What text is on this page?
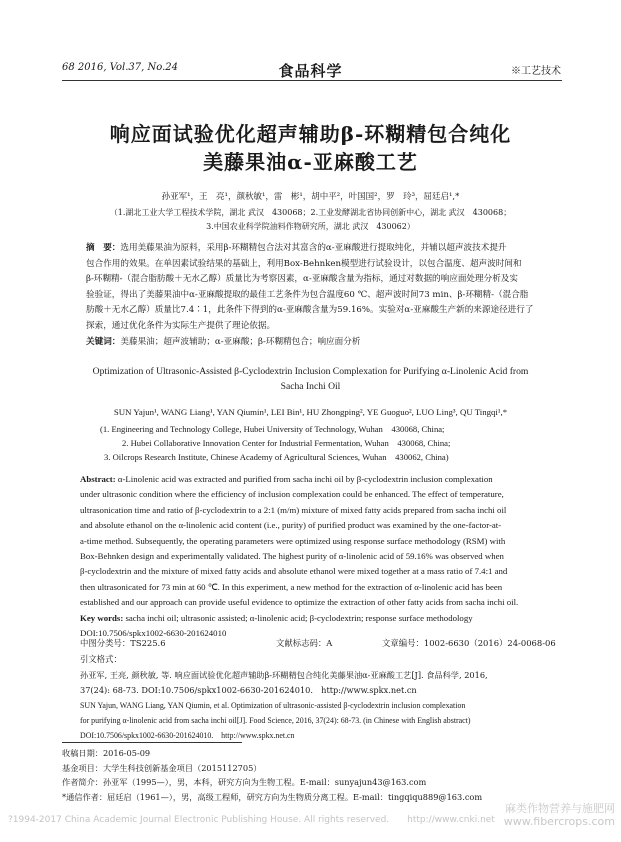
68 2016, Vol.37, No.24	食品科学	※工艺技术
响应面试验优化超声辅助β-环糊精包合纯化
美藤果油α-亚麻酸工艺
孙亚军¹，王　亮¹，颜秋敏¹，雷　彬¹，胡中平²，叶国国²，罗　玲³，屈廷启¹,*
（1.湖北工业大学工程技术学院，湖北 武汉　430068；2.工业发酵湖北省协同创新中心，湖北 武汉　430068；
3.中国农业科学院油料作物研究所，湖北 武汉　430062）
摘　要：选用美藤果油为原料，采用β-环糊精包合法对其富含的α-亚麻酸进行提取纯化，并辅以超声波技术提升
包合作用的效果。在单因素试验结果的基础上，利用Box-Behnken模型进行试验设计，以包合温度、超声波时间和
β-环糊精-（混合脂肪酸＋无水乙醇）质量比为考察因素，α-亚麻酸含量为指标，通过对数据的响应面处理分析及实
验验证，得出了美藤果油中α-亚麻酸提取的最佳工艺条件为包合温度60 ℃、超声波时间73 min、β-环糊精-（混合脂
肪酸＋无水乙醇）质量比7.4∶1，此条件下得到的α-亚麻酸含量为59.16%。实验对α-亚麻酸生产新的来源途径进行了
探索，通过优化条件为实际生产提供了理论依据。
关键词：美藤果油；超声波辅助；α-亚麻酸；β-环糊精包合；响应面分析
Optimization of Ultrasonic-Assisted β-Cyclodextrin Inclusion Complexation for Purifying α-Linolenic Acid from
Sacha Inchi Oil
SUN Yajun¹, WANG Liang¹, YAN Qiumin¹, LEI Bin¹, HU Zhongping², YE Guoguo², LUO Ling³, QU Tingqi¹,*
(1. Engineering and Technology College, Hubei University of Technology, Wuhan　430068, China;
2. Hubei Collaborative Innovation Center for Industrial Fermentation, Wuhan　430068, China;
3. Oilcrops Research Institute, Chinese Academy of Agricultural Sciences, Wuhan　430062, China)
Abstract: α-Linolenic acid was extracted and purified from sacha inchi oil by β-cyclodextrin inclusion complexation
under ultrasonic condition where the efficiency of inclusion complexation could be enhanced. The effect of temperature,
ultrasonication time and ratio of β-cyclodextrin to a 2:1 (m/m) mixture of mixed fatty acids prepared from sacha inchi oil
and absolute ethanol on the α-linolenic acid content (i.e., purity) of purified product was examined by the one-factor-at-
a-time method. Subsequently, the operating parameters were optimized using response surface methodology (RSM) with
Box-Behnken design and experimentally validated. The highest purity of α-linolenic acid of 59.16% was observed when
β-cyclodextrin and the mixture of mixed fatty acids and absolute ethanol were mixed together at a mass ratio of 7.4:1 and
then ultrasonicated for 73 min at 60 ℃. In this experiment, a new method for the extraction of α-linolenic acid has been
established and our approach can provide useful evidence to optimize the extraction of other fatty acids from sacha inchi oil.
Key words: sacha inchi oil; ultrasonic assisted; α-linolenic acid; β-cyclodextrin; response surface methodology
DOI:10.7506/spkx1002-6630-201624010
中图分类号：TS225.6	文献标志码：A	文章编号：1002-6630（2016）24-0068-06
引文格式：
孙亚军, 王亮, 颜秋敏, 等. 响应面试验优化超声辅助β-环糊精包合纯化美藤果油α-亚麻酸工艺[J]. 食品科学, 2016,
37(24): 68-73. DOI:10.7506/spkx1002-6630-201624010.　http://www.spkx.net.cn
SUN Yajun, WANG Liang, YAN Qiumin, et al. Optimization of ultrasonic-assisted β-cyclodextrin inclusion complexation
for purifying α-linolenic acid from sacha inchi oil[J]. Food Science, 2016, 37(24): 68-73. (in Chinese with English abstract)
DOI:10.7506/spkx1002-6630-201624010.　http://www.spkx.net.cn
收稿日期：2016-05-09
基金项目：大学生科技创新基金项目（2015112705）
作者简介：孙亚军（1995—），男，本科，研究方向为生物工程。E-mail：sunyajun43@163.com
*通信作者：屈廷启（1961—），男，高级工程师，研究方向为生物质分离工程。E-mail：tingqiqu889@163.com
?1994-2017 China Academic Journal Electronic Publishing House. All rights reserved.　　http://www.cnki.net
麻类作物营养与施肥网
www.fibercrops.com
